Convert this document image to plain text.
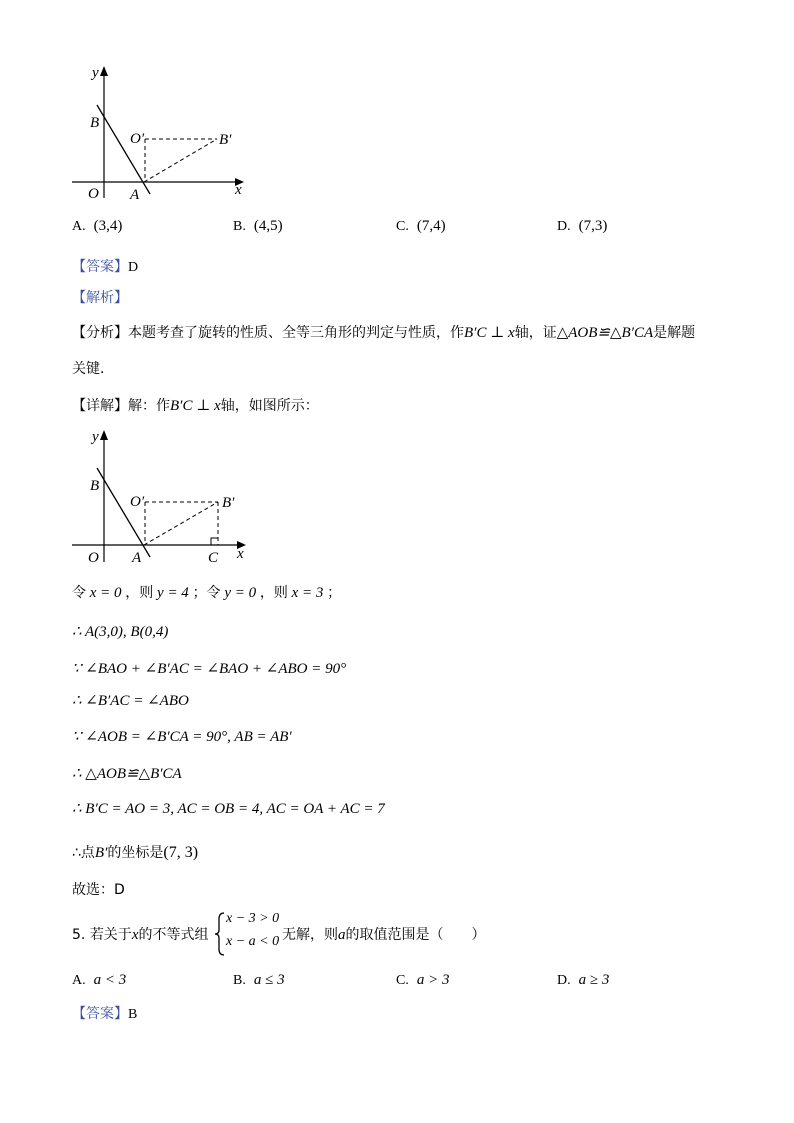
y
x
O A
B
O′	B′
A. (3,4)	B. (4,5)	C. (7,4)	D. (7,3)
【答案】D
【解析】
【分析】本题考查了旋转的性质、全等三角形的判定与性质，作B′C ⊥ x轴，证△AOB≌△B′CA是解题
关键．
【详解】解：作B′C ⊥ x轴，如图所示：
y
x
O A
B
O′	B′
C
令 x = 0 ，则 y = 4 ；令 y = 0 ，则 x = 3 ；
∴ A(3,0), B(0,4)
∵ ∠BAO + ∠B′AC = ∠BAO + ∠ABO = 90°
∴ ∠B′AC = ∠ABO
∵ ∠AOB = ∠B′CA = 90°, AB = AB′
∴ △AOB≌△B′CA
∴ B′C = AO = 3, AC = OB = 4, AC = OA + AC = 7
∴点B′的坐标是(7, 3)
故选：D
5. 若关于x的不等式组
x − 3 > 0
x − a < 0 无解，则a的取值范围是（　　）
A. a < 3	B. a ≤ 3	C. a > 3	D. a ≥ 3
【答案】B
